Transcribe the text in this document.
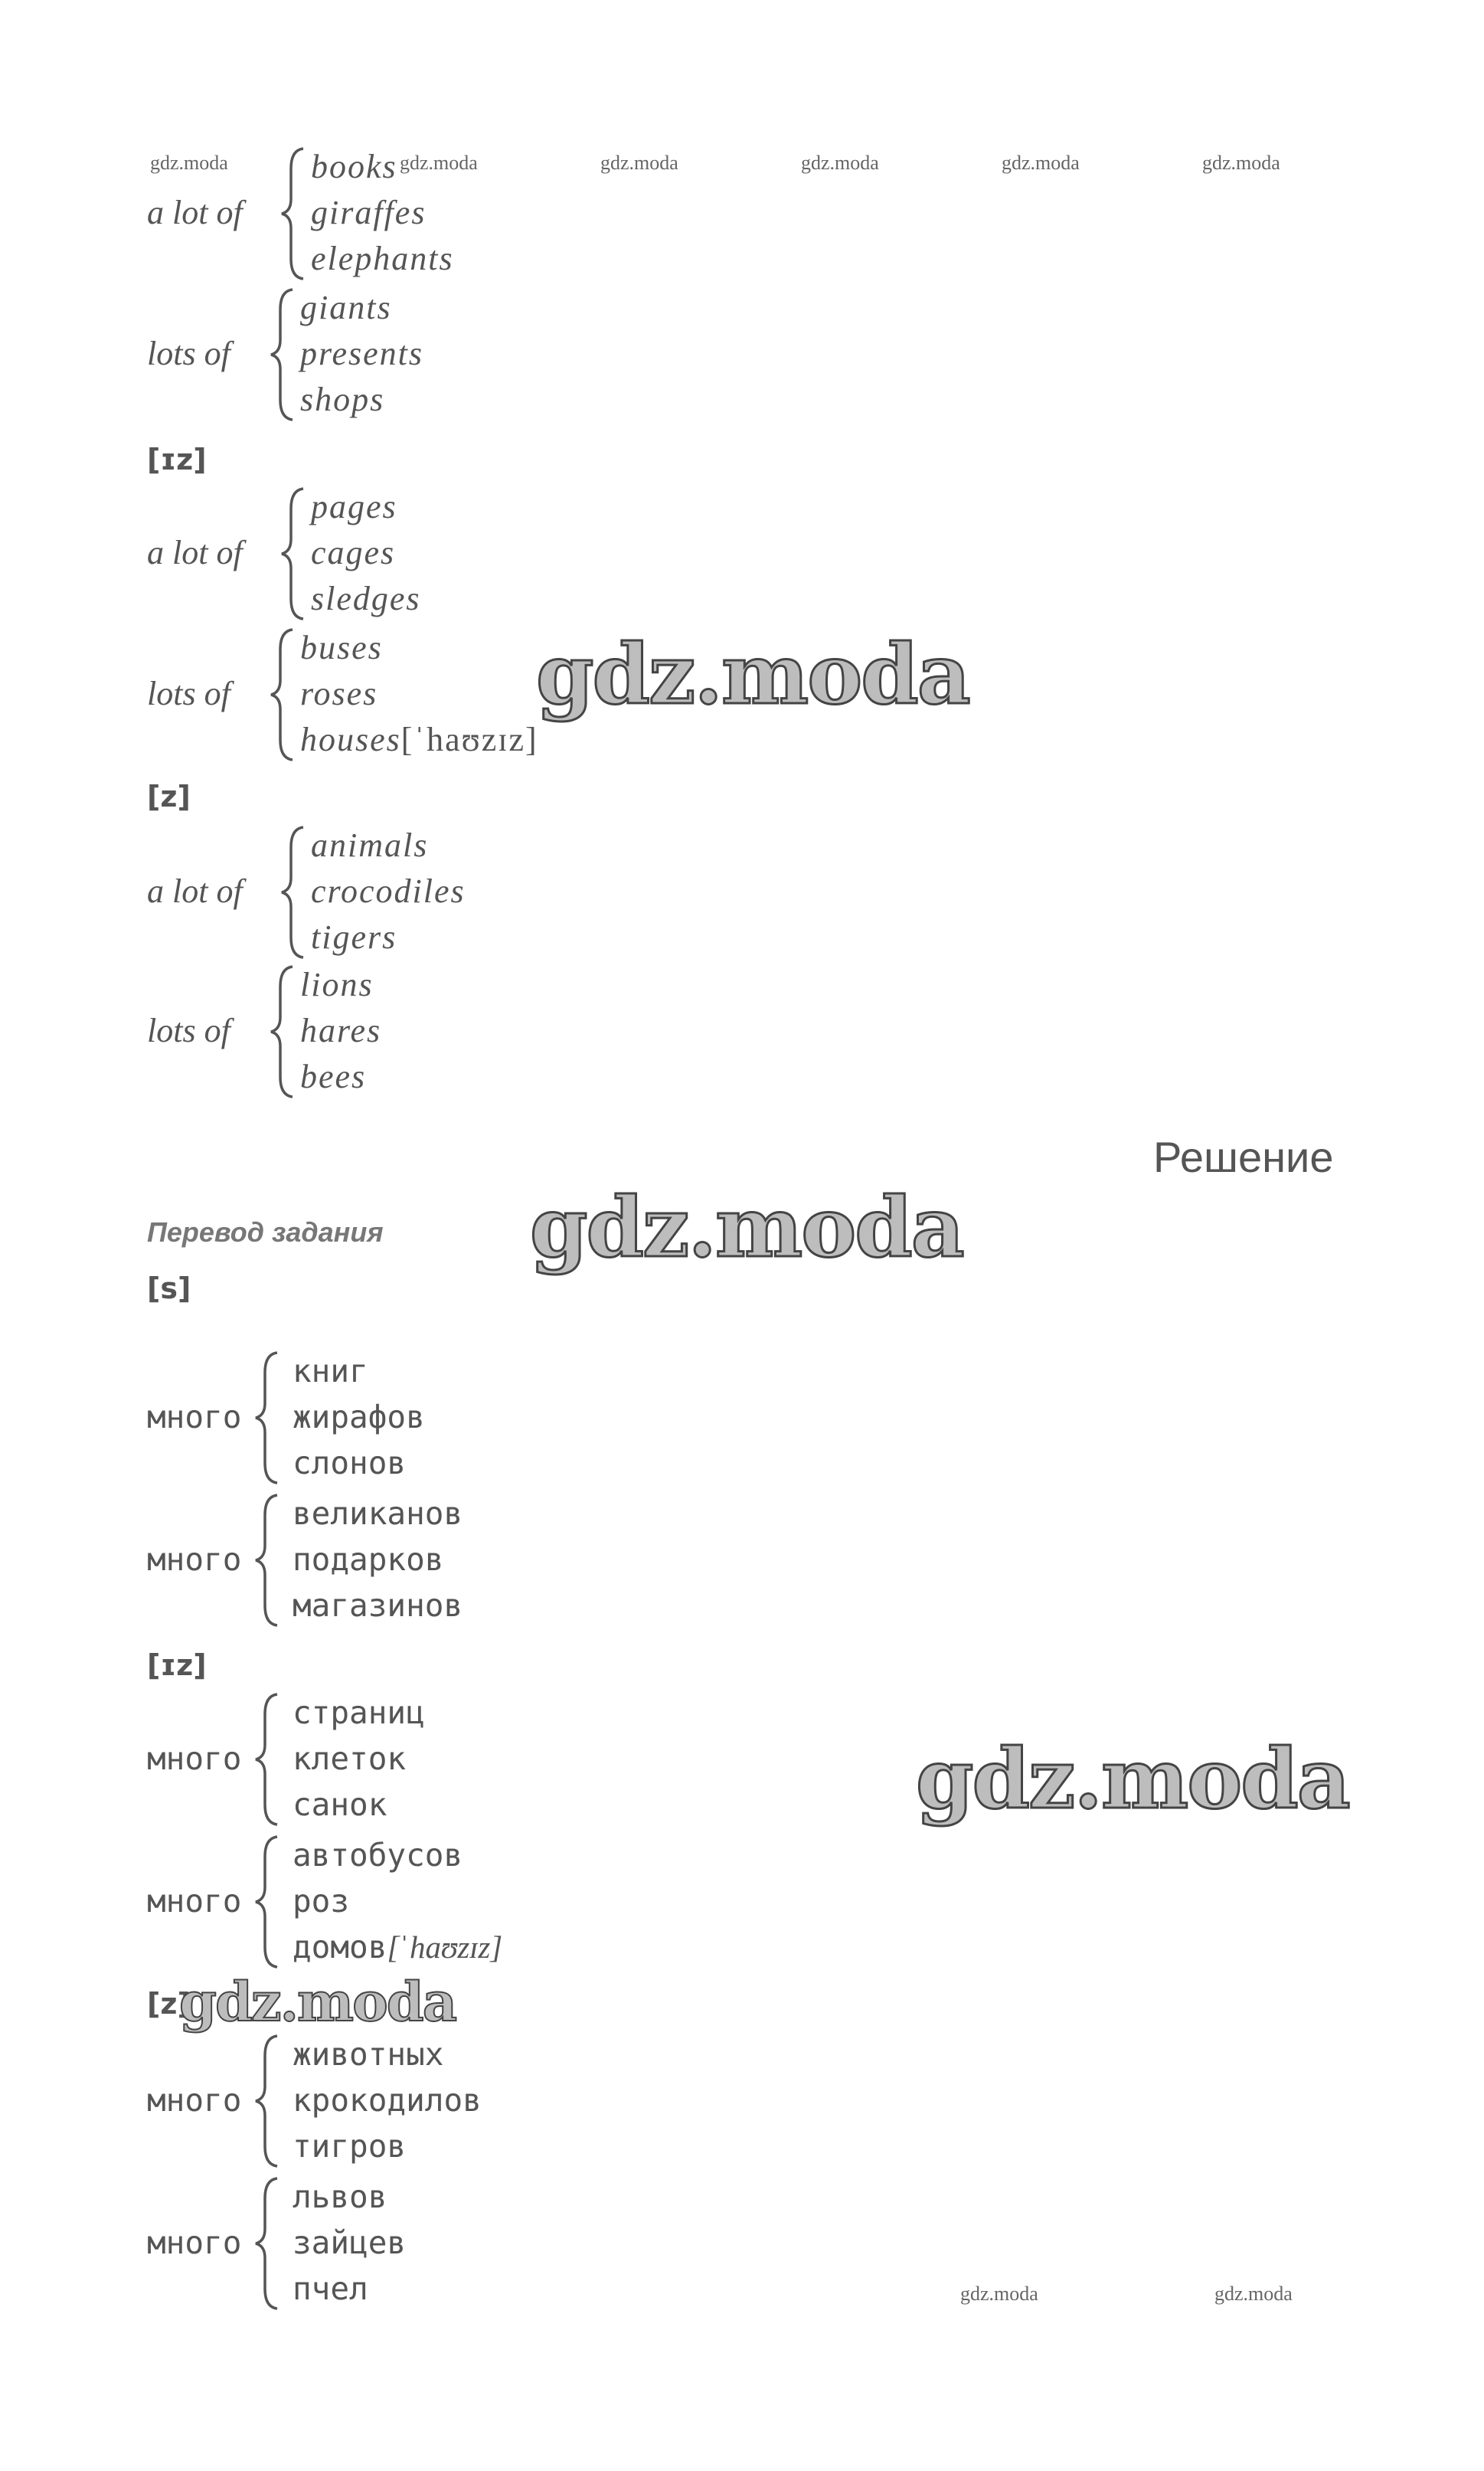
gdz.moda	gdz.moda	gdz.moda	gdz.moda	gdz.moda	gdz.moda
a lot of
books
giraffes
elephants
lots of
giants
presents
shops
[ɪz]
a lot of
pages
cages
sledges
lots of
buses
roses
houses[ˈhaʊzɪz]
[z]
a lot of
animals
crocodiles
tigers
lots of
lions
hares
bees
Решение
Перевод задания
[s]
много
книг
жирафов
слонов
много
великанов
подарков
магазинов
[ɪz]
много
страниц
клеток
санок
много
автобусов
роз
домов[ˈhaʊzɪz]
[z]
много
животных
крокодилов
тигров
много
львов
зайцев
пчел
gdz.moda
gdz.moda
gdz.moda
gdz.moda
gdz.moda	gdz.moda
